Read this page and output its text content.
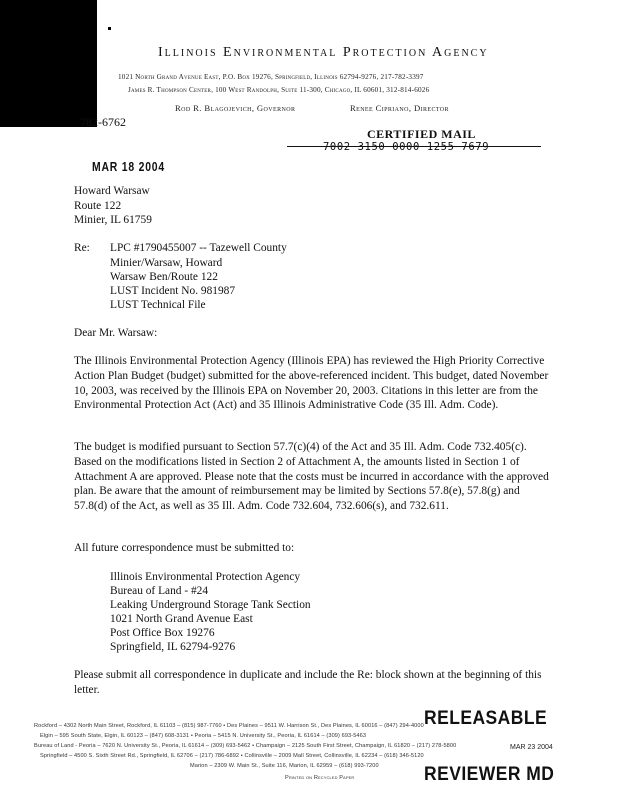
Illinois Environmental Protection Agency
1021 North Grand Avenue East, P.O. Box 19276, Springfield, Illinois 62794-9276, 217-782-3397
James R. Thompson Center, 100 West Randolph, Suite 11-300, Chicago, IL 60601, 312-814-6026
Rod R. Blagojevich, Governor	Renee Cipriano, Director
782-6762
CERTIFIED MAIL
7002 3150 0000 1255 7679
MAR 18 2004
Howard Warsaw
Route 122
Minier, IL 61759
Re: LPC #1790455007 -- Tazewell County
Minier/Warsaw, Howard
Warsaw Ben/Route 122
LUST Incident No. 981987
LUST Technical File
Dear Mr. Warsaw:
The Illinois Environmental Protection Agency (Illinois EPA) has reviewed the High Priority Corrective Action Plan Budget (budget) submitted for the above-referenced incident. This budget, dated November 10, 2003, was received by the Illinois EPA on November 20, 2003. Citations in this letter are from the Environmental Protection Act (Act) and 35 Illinois Administrative Code (35 Ill. Adm. Code).
The budget is modified pursuant to Section 57.7(c)(4) of the Act and 35 Ill. Adm. Code 732.405(c). Based on the modifications listed in Section 2 of Attachment A, the amounts listed in Section 1 of Attachment A are approved. Please note that the costs must be incurred in accordance with the approved plan. Be aware that the amount of reimbursement may be limited by Sections 57.8(e), 57.8(g) and 57.8(d) of the Act, as well as 35 Ill. Adm. Code 732.604, 732.606(s), and 732.611.
All future correspondence must be submitted to:
Illinois Environmental Protection Agency
Bureau of Land - #24
Leaking Underground Storage Tank Section
1021 North Grand Avenue East
Post Office Box 19276
Springfield, IL 62794-9276
Please submit all correspondence in duplicate and include the Re: block shown at the beginning of this letter.
Rockford – 4302 North Main Street, Rockford, IL 61103 – (815) 987-7760 • Des Plaines – 9511 W. Harrison St., Des Plaines, IL 60016 – (847) 294-4000
Elgin – 595 South State, Elgin, IL 60123 – (847) 608-3131 • Peoria – 5415 N. University St., Peoria, IL 61614 – (309) 693-5463
Bureau of Land - Peoria – 7620 N. University St., Peoria, IL 61614 – (309) 693-5462 • Champaign – 2125 South First Street, Champaign, IL 61820 – (217) 278-5800
Springfield – 4500 S. Sixth Street Rd., Springfield, IL 62706 – (217) 786-6892 • Collinsville – 2009 Mall Street, Collinsville, IL 62234 – (618) 346-5120
Marion – 2309 W. Main St., Suite 116, Marion, IL 62959 – (618) 993-7200
Printed on Recycled Paper
RELEASABLE
MAR 23 2004
REVIEWER MD
